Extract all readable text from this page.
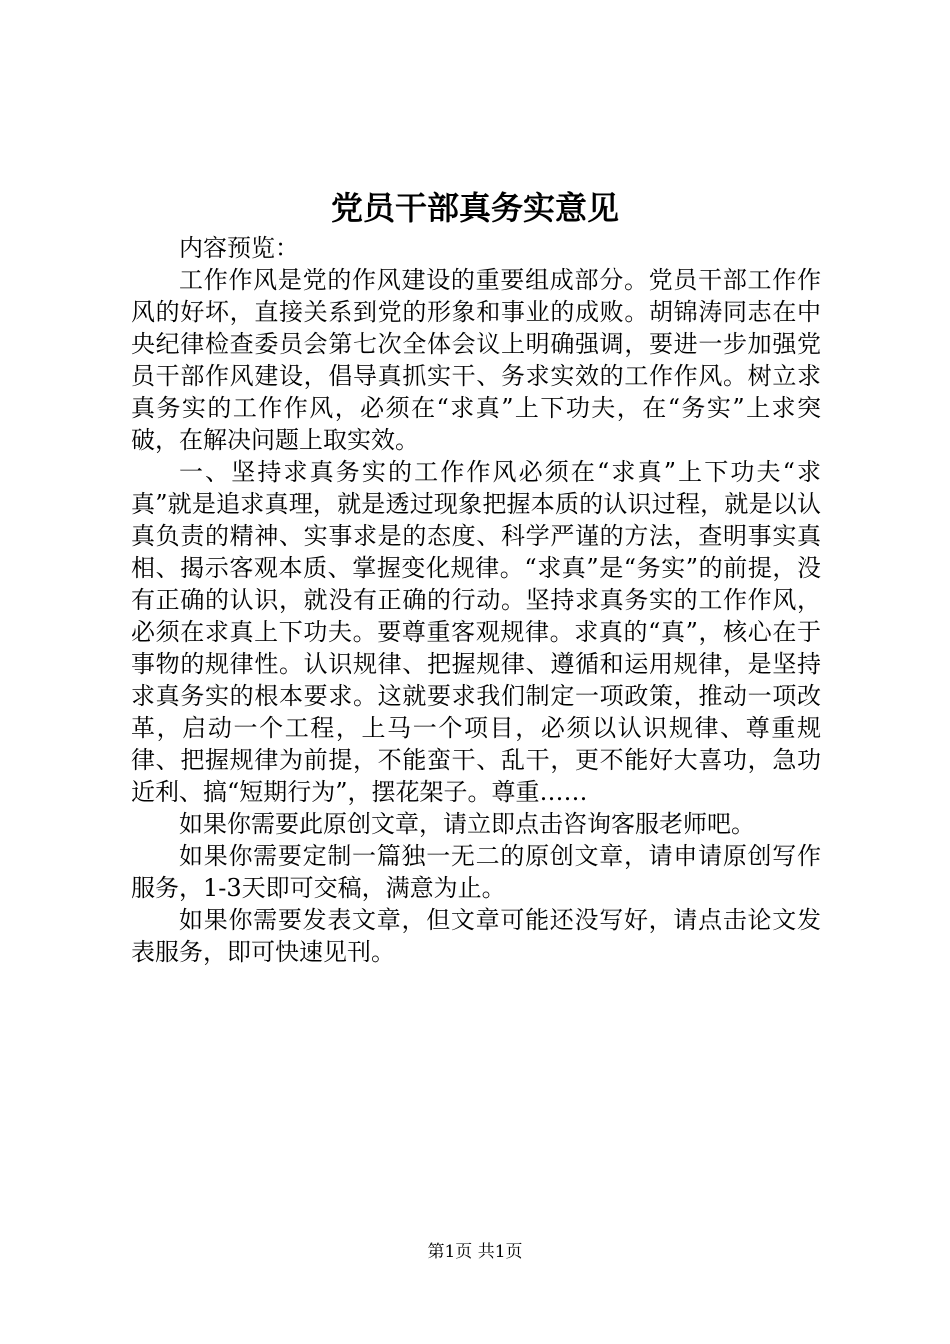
党员干部真务实意见

内容预览：

工作作风是党的作风建设的重要组成部分。党员干部工作作风的好坏，直接关系到党的形象和事业的成败。胡锦涛同志在中央纪律检查委员会第七次全体会议上明确强调，要进一步加强党员干部作风建设，倡导真抓实干、务求实效的工作作风。树立求真务实的工作作风，必须在“求真”上下功夫，在“务实”上求突破，在解决问题上取实效。

一、坚持求真务实的工作作风必须在“求真”上下功夫“求真”就是追求真理，就是透过现象把握本质的认识过程，就是以认真负责的精神、实事求是的态度、科学严谨的方法，查明事实真相、揭示客观本质、掌握变化规律。“求真”是“务实”的前提，没有正确的认识，就没有正确的行动。坚持求真务实的工作作风，必须在求真上下功夫。要尊重客观规律。求真的“真”，核心在于事物的规律性。认识规律、把握规律、遵循和运用规律，是坚持求真务实的根本要求。这就要求我们制定一项政策，推动一项改革，启动一个工程，上马一个项目，必须以认识规律、尊重规律、把握规律为前提，不能蛮干、乱干，更不能好大喜功，急功近利、搞“短期行为”，摆花架子。尊重……

如果你需要此原创文章，请立即点击咨询客服老师吧。

如果你需要定制一篇独一无二的原创文章，请申请原创写作服务，1-3天即可交稿，满意为止。

如果你需要发表文章，但文章可能还没写好，请点击论文发表服务，即可快速见刊。

第1页 共1页
